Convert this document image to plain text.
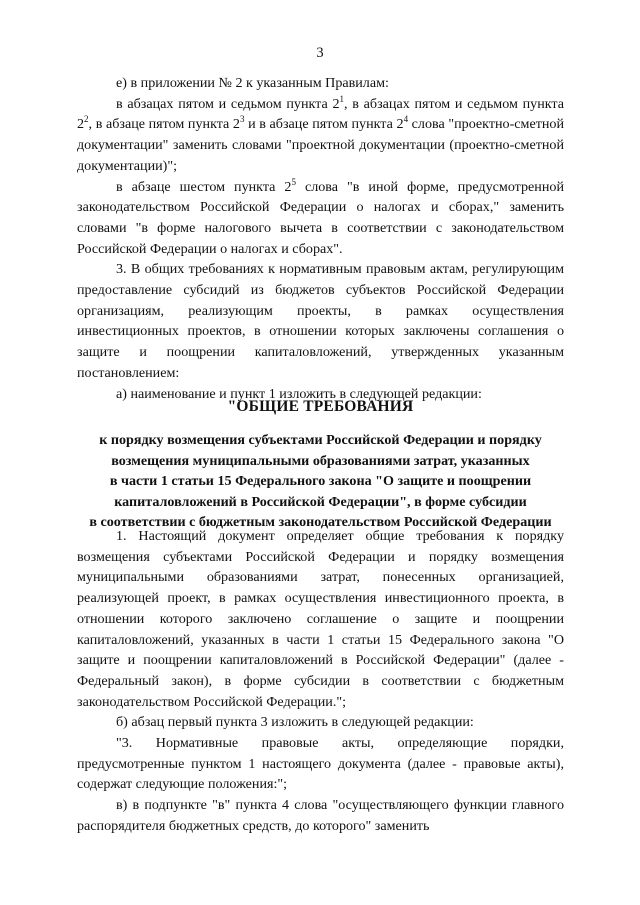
3

е) в приложении № 2 к указанным Правилам:

в абзацах пятом и седьмом пункта $2^1$, в абзацах пятом и седьмом пункта $2^2$, в абзаце пятом пункта $2^3$ и в абзаце пятом пункта $2^4$ слова "проектно-сметной документации" заменить словами "проектной документации (проектно-сметной документации)";

в абзаце шестом пункта $2^5$ слова "в иной форме, предусмотренной законодательством Российской Федерации о налогах и сборах," заменить словами "в форме налогового вычета в соответствии с законодательством Российской Федерации о налогах и сборах".

3. В общих требованиях к нормативным правовым актам, регулирующим предоставление субсидий из бюджетов субъектов Российской Федерации организациям, реализующим проекты, в рамках осуществления инвестиционных проектов, в отношении которых заключены соглашения о защите и поощрении капиталовложений, утвержденных указанным постановлением:

а) наименование и пункт 1 изложить в следующей редакции:

"ОБЩИЕ ТРЕБОВАНИЯ

к порядку возмещения субъектами Российской Федерации и порядку
возмещения муниципальными образованиями затрат, указанных
в части 1 статьи 15 Федерального закона "О защите и поощрении
капиталовложений в Российской Федерации", в форме субсидии
в соответствии с бюджетным законодательством Российской Федерации

1. Настоящий документ определяет общие требования к порядку возмещения субъектами Российской Федерации и порядку возмещения муниципальными образованиями затрат, понесенных организацией, реализующей проект, в рамках осуществления инвестиционного проекта, в отношении которого заключено соглашение о защите и поощрении капиталовложений, указанных в части 1 статьи 15 Федерального закона "О защите и поощрении капиталовложений в Российской Федерации" (далее - Федеральный закон), в форме субсидии в соответствии с бюджетным законодательством Российской Федерации.";

б) абзац первый пункта 3 изложить в следующей редакции:

"3. Нормативные правовые акты, определяющие порядки, предусмотренные пунктом 1 настоящего документа (далее - правовые акты), содержат следующие положения:";

в) в подпункте "в" пункта 4 слова "осуществляющего функции главного распорядителя бюджетных средств, до которого" заменить
